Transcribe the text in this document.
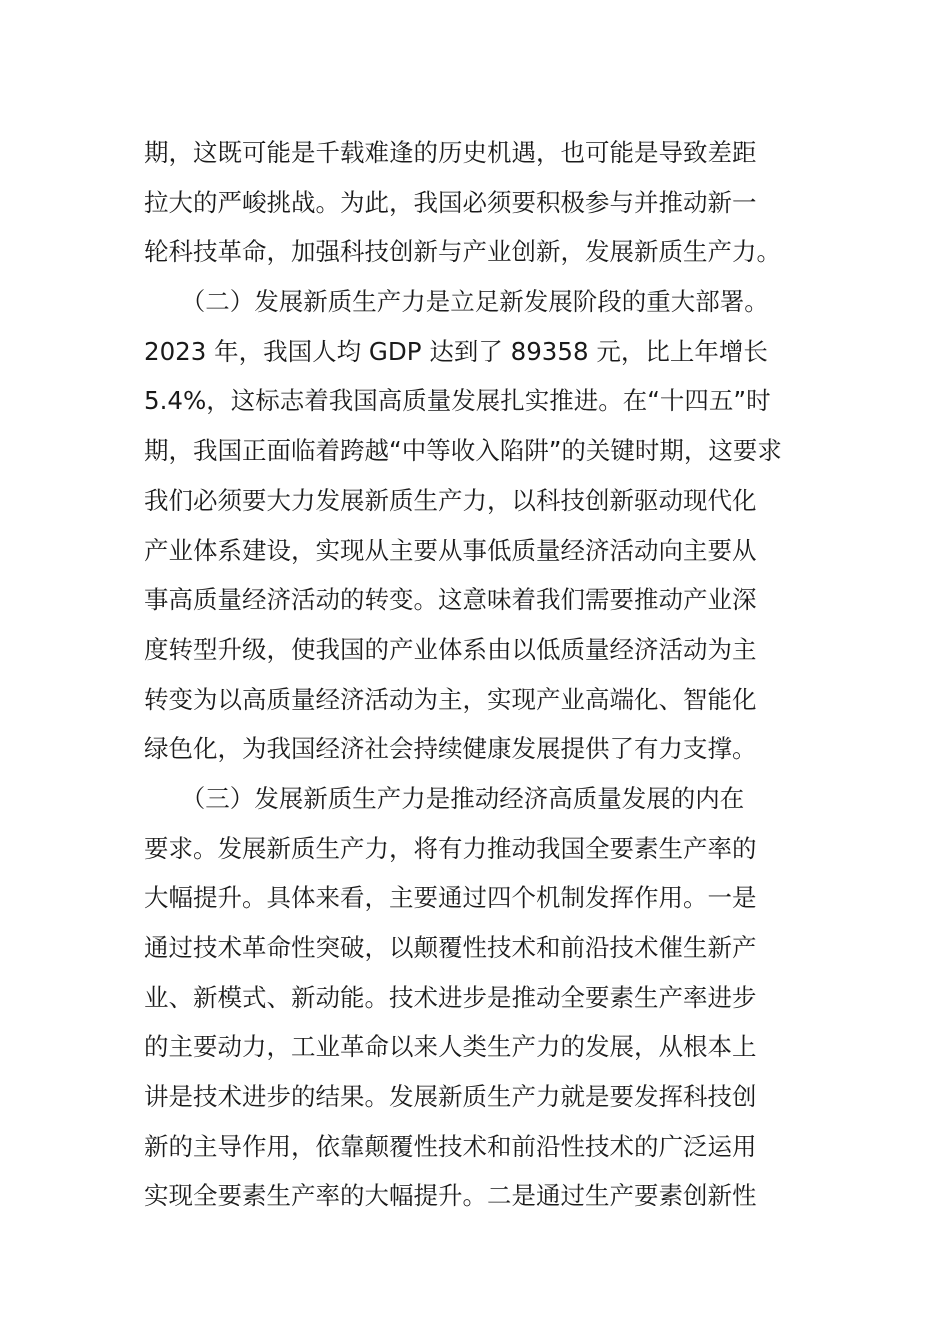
期，这既可能是千载难逢的历史机遇，也可能是导致差距
拉大的严峻挑战。为此，我国必须要积极参与并推动新一
轮科技革命，加强科技创新与产业创新，发展新质生产力。
　　（二）发展新质生产力是立足新发展阶段的重大部署。
2023 年，我国人均 GDP 达到了 89358 元，比上年增长
5.4%，这标志着我国高质量发展扎实推进。在“十四五”时
期，我国正面临着跨越“中等收入陷阱”的关键时期，这要求
我们必须要大力发展新质生产力，以科技创新驱动现代化
产业体系建设，实现从主要从事低质量经济活动向主要从
事高质量经济活动的转变。这意味着我们需要推动产业深
度转型升级，使我国的产业体系由以低质量经济活动为主
转变为以高质量经济活动为主，实现产业高端化、智能化
绿色化，为我国经济社会持续健康发展提供了有力支撑。
　　（三）发展新质生产力是推动经济高质量发展的内在
要求。发展新质生产力，将有力推动我国全要素生产率的
大幅提升。具体来看，主要通过四个机制发挥作用。一是
通过技术革命性突破，以颠覆性技术和前沿技术催生新产
业、新模式、新动能。技术进步是推动全要素生产率进步
的主要动力，工业革命以来人类生产力的发展，从根本上
讲是技术进步的结果。发展新质生产力就是要发挥科技创
新的主导作用，依靠颠覆性技术和前沿性技术的广泛运用
实现全要素生产率的大幅提升。二是通过生产要素创新性
